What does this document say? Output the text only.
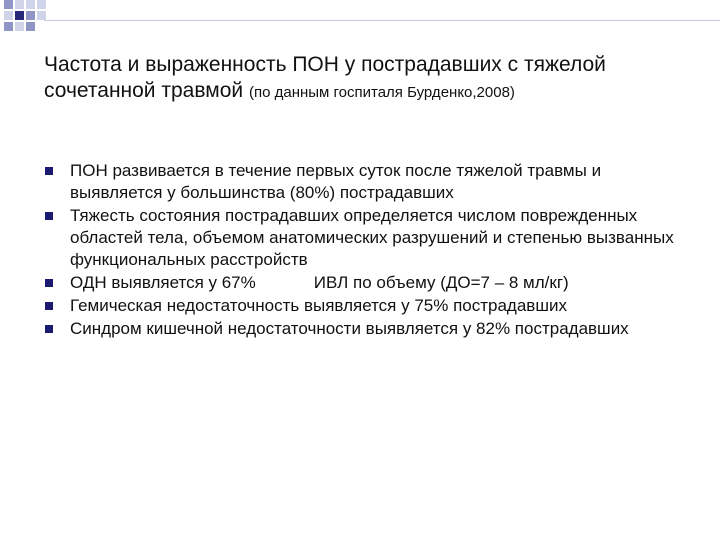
Частота и выраженность ПОН у пострадавших с тяжелой сочетанной травмой (по данным госпиталя Бурденко,2008)
ПОН развивается в течение первых суток после тяжелой травмы и выявляется у большинства (80%) пострадавших
Тяжесть состояния пострадавших определяется числом поврежденных областей тела, объемом анатомических разрушений и степенью вызванных функциональных расстройств
ОДН выявляется у 67%	ИВЛ по объему (ДО=7 – 8 мл/кг)
Гемическая недостаточность выявляется у 75% пострадавших
Синдром кишечной недостаточности выявляется у 82% пострадавших
